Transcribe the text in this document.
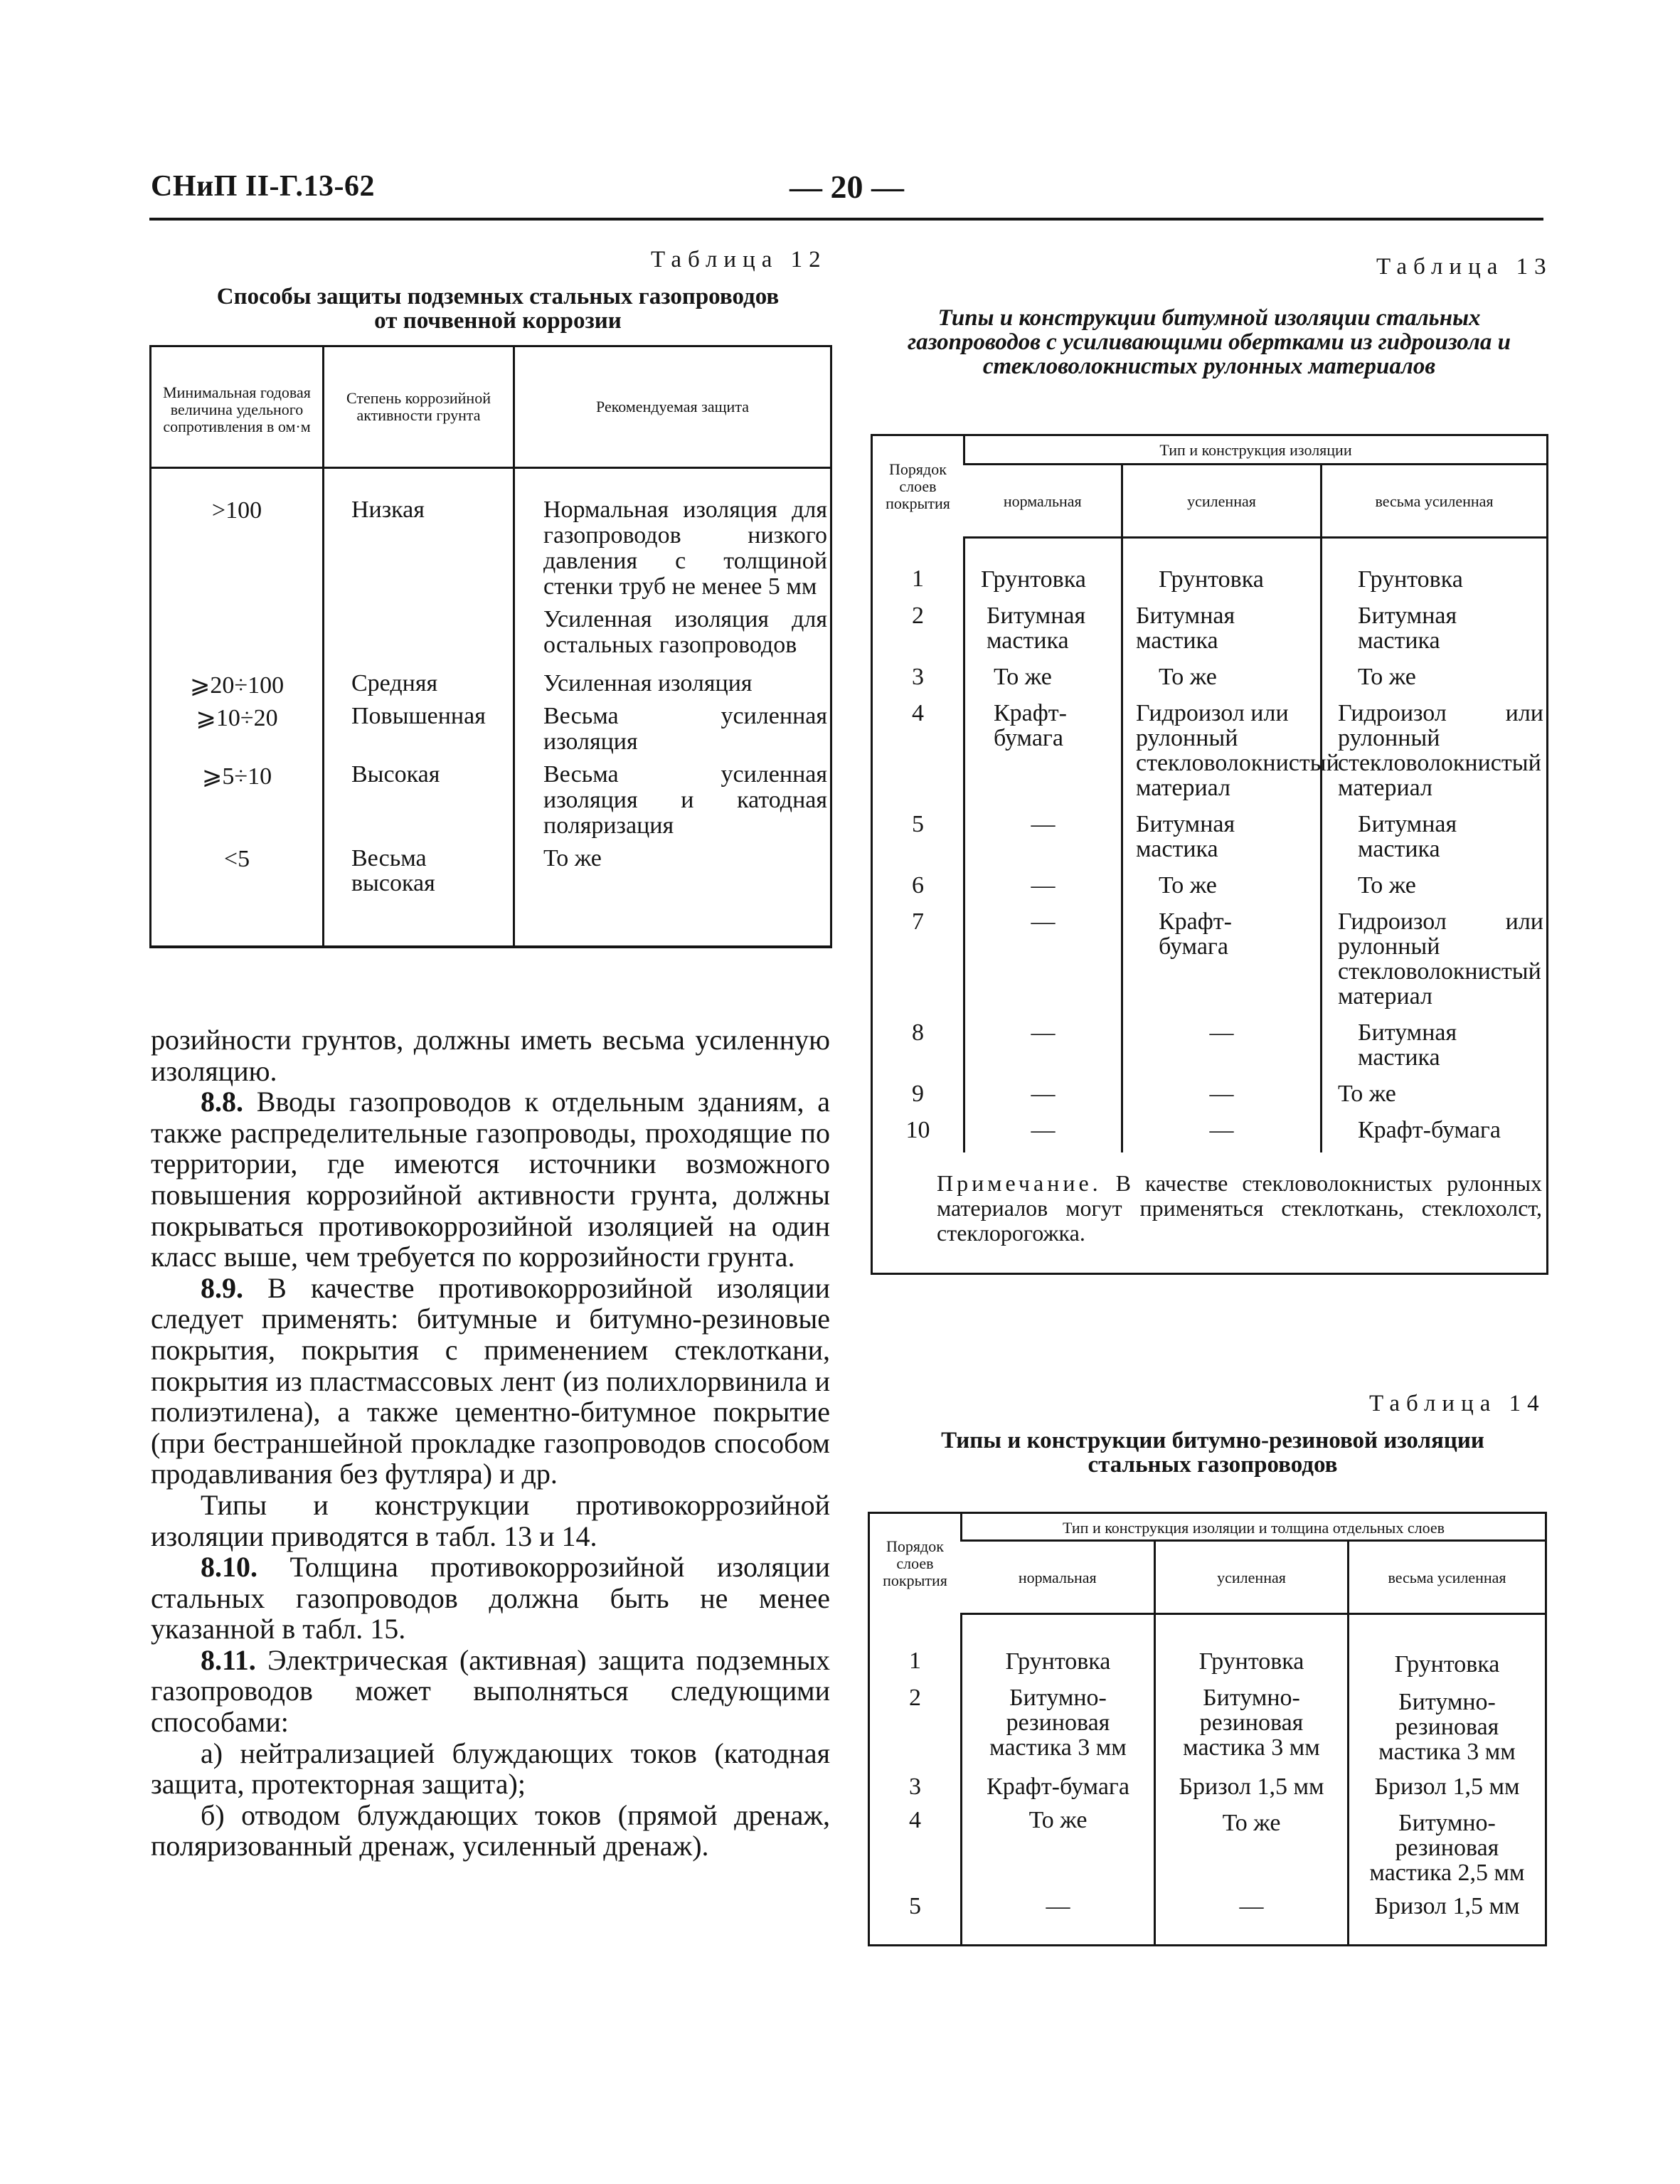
СНиП II-Г.13-62	— 20 —
Таблица 12
Способы защиты подземных стальных газопроводов от почвенной коррозии
Минимальная годовая величина удельного сопротивления в ом·м	Степень коррозийной активности грунта	Рекомендуемая защита
>100	Низкая	Нормальная изоляция для газопроводов низкого давления с толщиной стенки труб не менее 5 мм
Усиленная изоляция для остальных газопроводов

⩾20÷100	Средняя	Усиленная изоляция

⩾10÷20	Повышенная	Весьма усиленная изоляция

⩾5÷10	Высокая	Весьма усиленная изоляция и катодная поляризация

<5	Весьма высокая	То же

розийности грунтов, должны иметь весьма усиленную изоляцию.

8.8. Вводы газопроводов к отдельным зданиям, а также распределительные газопроводы, проходящие по территории, где имеются источники возможного повышения коррозийной активности грунта, должны покрываться противокоррозийной изоляцией на один класс выше, чем требуется по коррозийности грунта.

8.9. В качестве противокоррозийной изоляции следует применять: битумные и битумно-резиновые покрытия, покрытия с применением стеклоткани, покрытия из пластмассовых лент (из полихлорвинила и полиэтилена), а также цементно-битумное покрытие (при бестраншейной прокладке газопроводов способом продавливания без футляра) и др.

Типы и конструкции противокоррозийной изоляции приводятся в табл. 13 и 14.

8.10. Толщина противокоррозийной изоляции стальных газопроводов должна быть не менее указанной в табл. 15.

8.11. Электрическая (активная) защита подземных газопроводов может выполняться следующими способами:

а) нейтрализацией блуждающих токов (катодная защита, протекторная защита);

б) отводом блуждающих токов (прямой дренаж, поляризованный дренаж, усиленный дренаж).

Таблица 13
Типы и конструкции битумной изоляции стальных газопроводов с усиливающими обертками из гидроизола и стекловолокнистых рулонных материалов
Порядок слоев покрытия	Тип и конструкция изоляции		
	нормальная	усиленная	весьма усиленная
1	Грунтовка	Грунтовка	Грунтовка
2	Битумная мастика	Битумная мастика	Битумная мастика
3	То же	То же	То же
4	Крафт-бумага	Гидроизол или рулонный стекловолокнистый материал	Гидроизол или рулонный стекловолокнистый материал
5	—	Битумная мастика	Битумная мастика
6	—	То же	То же
7	—	Крафт-бумага	Гидроизол или рулонный стекловолокнистый материал
8	—	—	Битумная мастика
9	—	—	То же
10	—	—	Крафт-бумага
Примечание. В качестве стекловолокнистых рулонных материалов могут применяться стеклоткань, стеклохолст, стеклорогожка.			
Таблица 14
Типы и конструкции битумно-резиновой изоляции стальных газопроводов
Порядок слоев покрытия	Тип и конструкция изоляции и толщина отдельных слоев		
	нормальная	усиленная	весьма усиленная
1	Грунтовка	Грунтовка	Грунтовка
2	Битумно-резиновая мастика 3 мм	Битумно-резиновая мастика 3 мм	Битумно-резиновая мастика 3 мм
3	Крафт-бумага	Бризол 1,5 мм	Бризол 1,5 мм
4	То же	То же	Битумно-резиновая мастика 2,5 мм
5	—	—	Бризол 1,5 мм
